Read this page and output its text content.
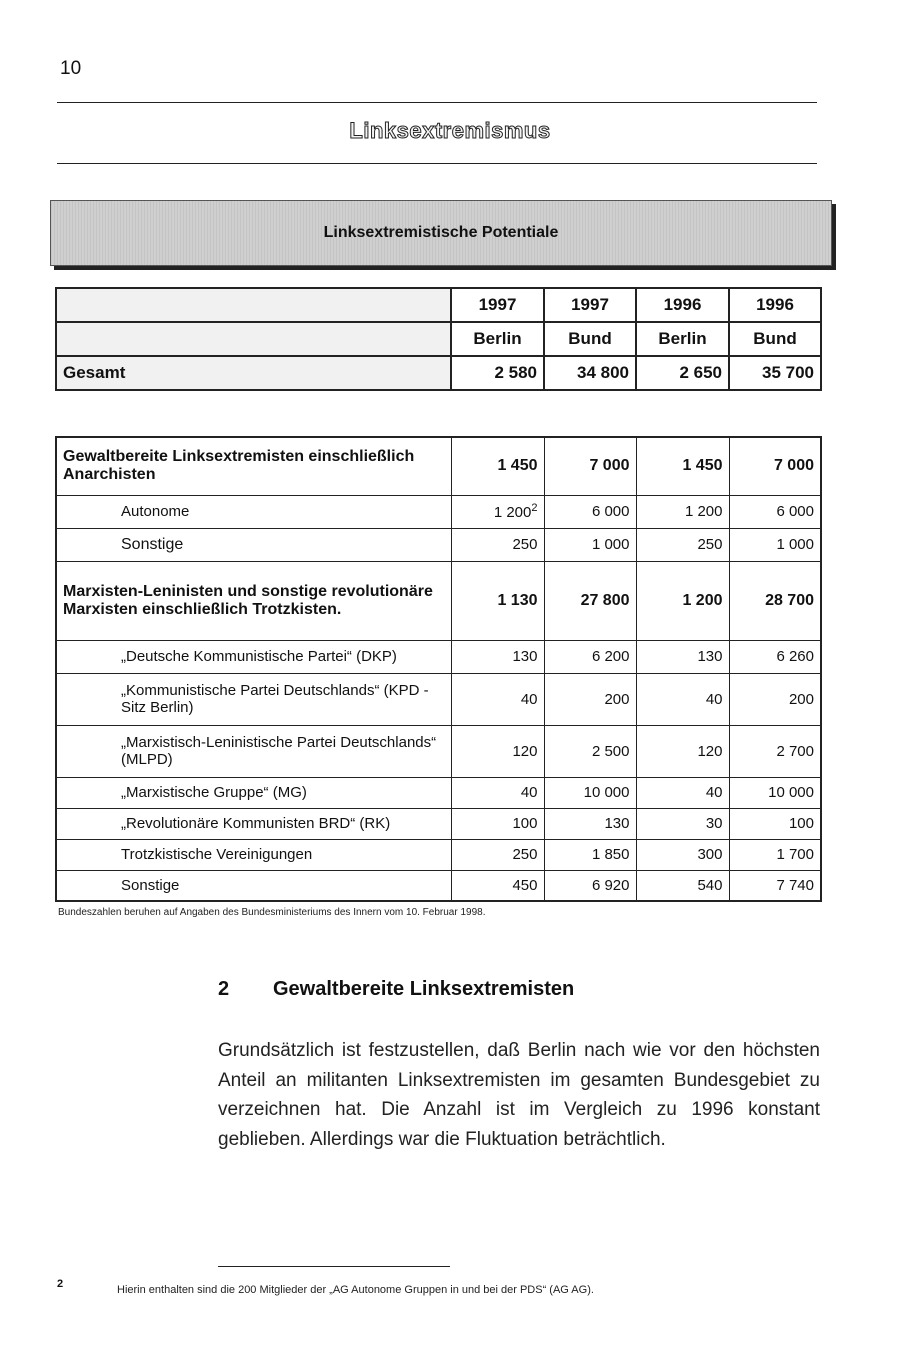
10
Linksextremismus
Linksextremistische Potentiale
	1997	1997	1996	1996
	Berlin	Bund	Berlin	Bund
Gesamt	2 580	34 800	2 650	35 700
Gewaltbereite Linksextremisten einschließlich Anarchisten	1 450	7 000	1 450	7 000
Autonome	1 $200^2$	6 000	1 200	6 000
Sonstige	250	1 000	250	1 000
Marxisten-Leninisten und sonstige revolutionäre Marxisten einschließlich Trotzkisten.	1 130	27 800	1 200	28 700
„Deutsche Kommunistische Partei“ (DKP)	130	6 200	130	6 260
„Kommunistische Partei Deutschlands“ (KPD - Sitz Berlin)	40	200	40	200
„Marxistisch-Leninistische Partei Deutschlands“ (MLPD)	120	2 500	120	2 700
„Marxistische Gruppe“ (MG)	40	10 000	40	10 000
„Revolutionäre Kommunisten BRD“ (RK)	100	130	30	100
Trotzkistische Vereinigungen	250	1 850	300	1 700
Sonstige	450	6 920	540	7 740
Bundeszahlen beruhen auf Angaben des Bundesministeriums des Innern vom 10. Februar 1998.
2 Gewaltbereite Linksextremisten
Grundsätzlich ist festzustellen, daß Berlin nach wie vor den höchsten Anteil an militanten Linksextremisten im gesamten Bundesgebiet zu verzeichnen hat. Die Anzahl ist im Vergleich zu 1996 konstant geblieben. Allerdings war die Fluktuation beträchtlich.
2	Hierin enthalten sind die 200 Mitglieder der „AG Autonome Gruppen in und bei der PDS“ (AG AG).
